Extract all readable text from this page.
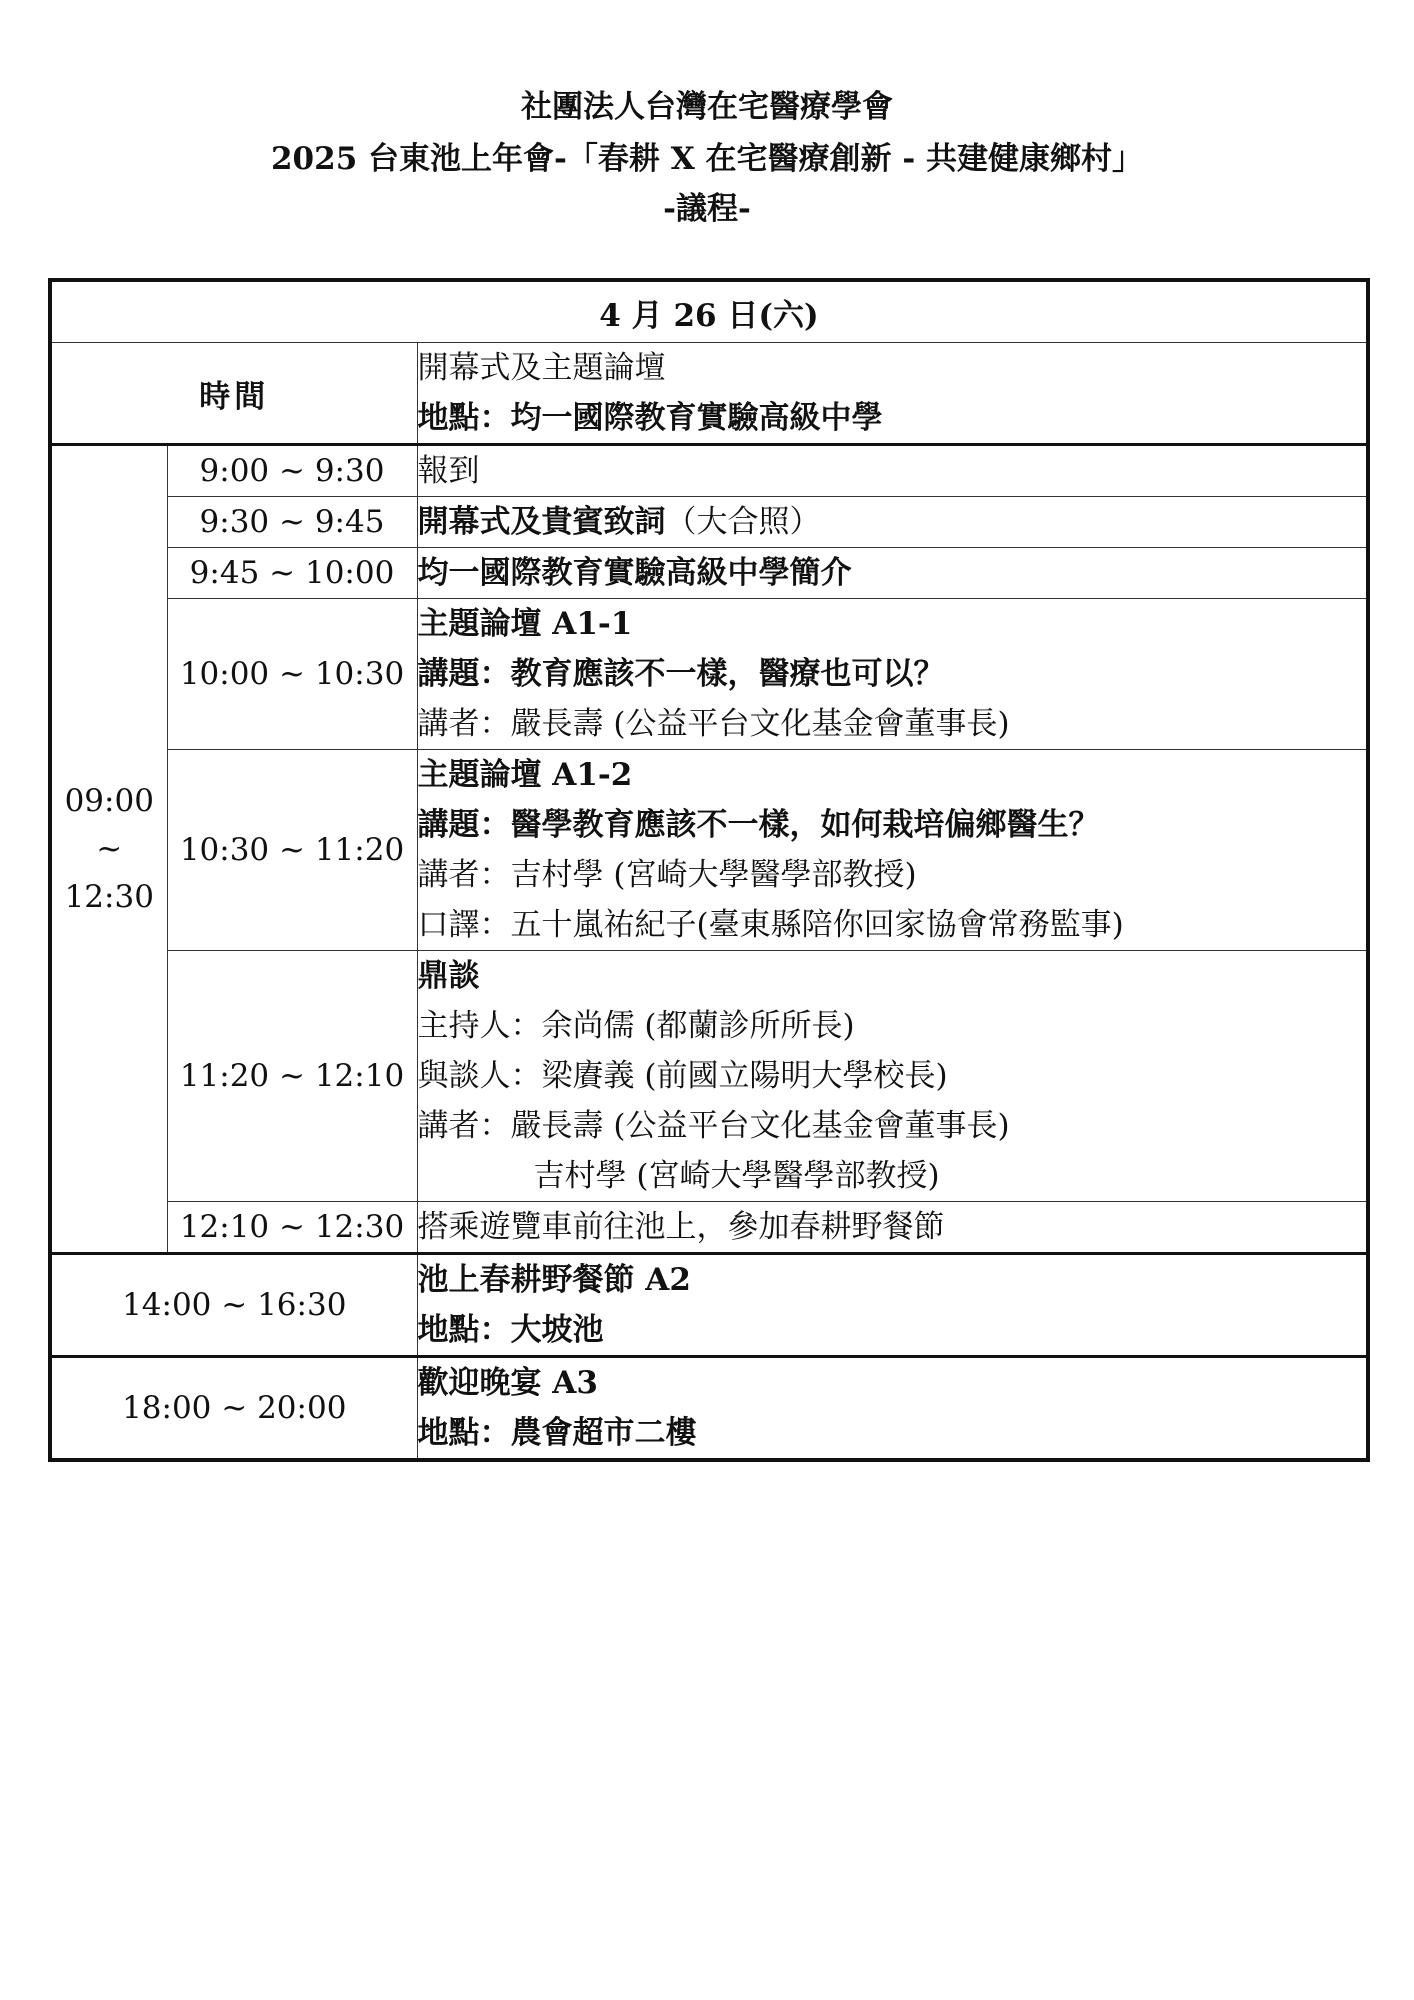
社團法人台灣在宅醫療學會
2025 台東池上年會-「春耕 X 在宅醫療創新 - 共建健康鄉村」
-議程-
4 月 26 日(六)		
時間		開幕式及主題論壇
地點：均一國際教育實驗高級中學

09:00
~
12:30	9:00 ~ 9:30	報到

	9:30 ~ 9:45	開幕式及貴賓致詞（大合照）

	9:45 ~ 10:00	均一國際教育實驗高級中學簡介

	10:00 ~ 10:30	主題論壇 A1-1
講題：教育應該不一樣，醫療也可以？
講者：嚴長壽 (公益平台文化基金會董事長)

	10:30 ~ 11:20	主題論壇 A1-2
講題：醫學教育應該不一樣，如何栽培偏鄉醫生？
講者：吉村學 (宮崎大學醫學部教授)
口譯：五十嵐祐紀子(臺東縣陪你回家協會常務監事)

	11:20 ~ 12:10	鼎談
主持人：余尚儒 (都蘭診所所長)
與談人：梁賡義 (前國立陽明大學校長)
講者：嚴長壽 (公益平台文化基金會董事長)
吉村學 (宮崎大學醫學部教授)

	12:10 ~ 12:30	搭乘遊覽車前往池上，參加春耕野餐節

14:00 ~ 16:30		池上春耕野餐節 A2
地點：大坡池

18:00 ~ 20:00		歡迎晚宴 A3
地點：農會超市二樓
